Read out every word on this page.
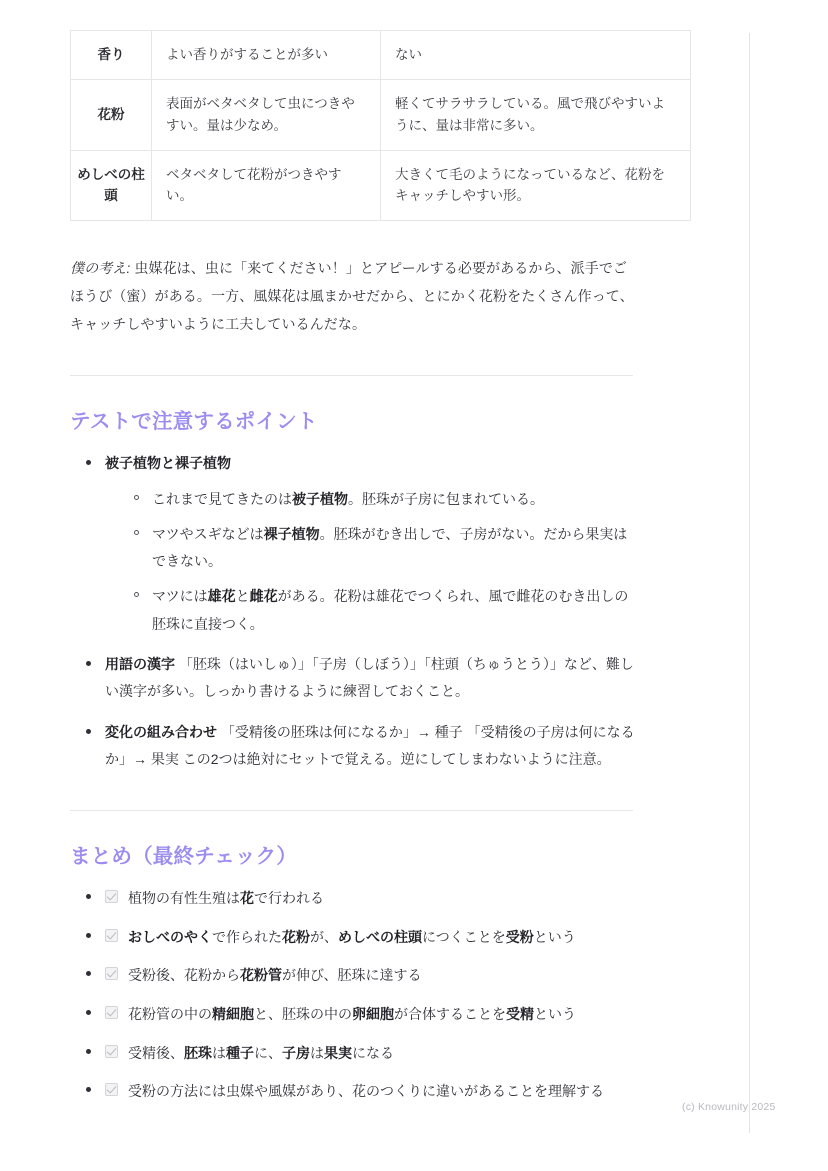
香り	よい香りがすることが多い	ない
花粉	表面がベタベタして虫につきやすい。量は少なめ。	軽くてサラサラしている。風で飛びやすいように、量は非常に多い。
めしべの柱頭	ベタベタして花粉がつきやすい。	大きくて毛のようになっているなど、花粉をキャッチしやすい形。

僕の考え: 虫媒花は、虫に「来てください！」とアピールする必要があるから、派手でごほうび（蜜）がある。一方、風媒花は風まかせだから、とにかく花粉をたくさん作って、キャッチしやすいように工夫しているんだな。

テストで注意するポイント
被子植物と裸子植物
これまで見てきたのは被子植物。胚珠が子房に包まれている。
マツやスギなどは裸子植物。胚珠がむき出しで、子房がない。だから果実はできない。
マツには雄花と雌花がある。花粉は雄花でつくられ、風で雌花のむき出しの胚珠に直接つく。
用語の漢字 「胚珠（はいしゅ）」「子房（しぼう）」「柱頭（ちゅうとう）」など、難しい漢字が多い。しっかり書けるように練習しておくこと。
変化の組み合わせ 「受精後の胚珠は何になるか」→ 種子 「受精後の子房は何になるか」→ 果実 この2つは絶対にセットで覚える。逆にしてしまわないように注意。
まとめ（最終チェック）
植物の有性生殖は花で行われる
おしべのやくで作られた花粉が、めしべの柱頭につくことを受粉という
受粉後、花粉から花粉管が伸び、胚珠に達する
花粉管の中の精細胞と、胚珠の中の卵細胞が合体することを受精という
受精後、胚珠は種子に、子房は果実になる
受粉の方法には虫媒や風媒があり、花のつくりに違いがあることを理解する
(c) Knowunity 2025
